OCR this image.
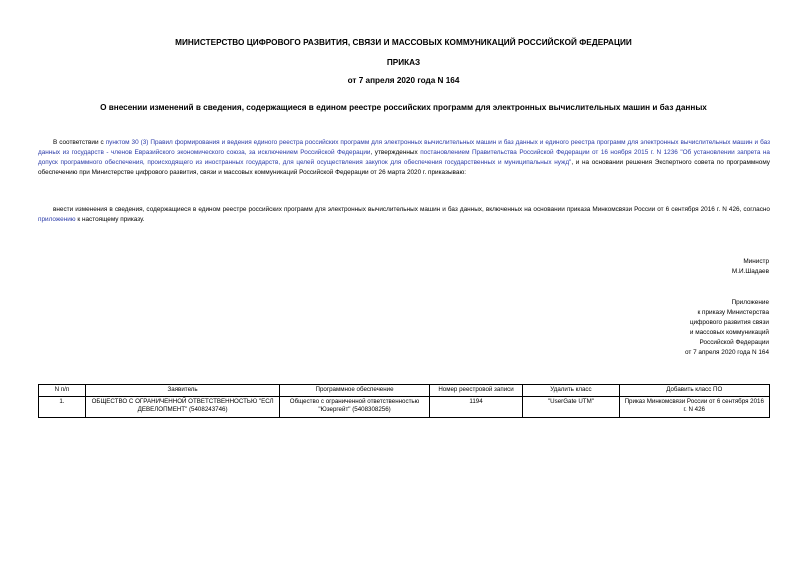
МИНИСТЕРСТВО ЦИФРОВОГО РАЗВИТИЯ, СВЯЗИ И МАССОВЫХ КОММУНИКАЦИЙ РОССИЙСКОЙ ФЕДЕРАЦИИ
ПРИКАЗ
от 7 апреля 2020 года N 164
О внесении изменений в сведения, содержащиеся в едином реестре российских программ для электронных вычислительных машин и баз данных
В соответствии с пунктом 30 (3) Правил формирования и ведения единого реестра российских программ для электронных вычислительных машин и баз данных и единого реестра программ для электронных вычислительных машин и баз данных из государств - членов Евразийского экономического союза, за исключением Российской Федерации, утвержденных постановлением Правительства Российской Федерации от 16 ноября 2015 г. N 1236 "Об установлении запрета на допуск программного обеспечения, происходящего из иностранных государств, для целей осуществления закупок для обеспечения государственных и муниципальных нужд", и на основании решения Экспертного совета по программному обеспечению при Министерстве цифрового развития, связи и массовых коммуникаций Российской Федерации от 26 марта 2020 г. приказываю:
внести изменения в сведения, содержащиеся в едином реестре российских программ для электронных вычислительных машин и баз данных, включенных на основании приказа Минкомсвязи России от 6 сентября 2016 г. N 426, согласно приложению к настоящему приказу.
Министр
М.И.Шадаев
Приложение
к приказу Министерства
цифрового развития связи
и массовых коммуникаций
Российской Федерации
от 7 апреля 2020 года N 164
N п/п	Заявитель	Программное обеспечение	Номер реестровой записи	Удалить класс	Добавить класс ПО
1.	ОБЩЕСТВО С ОГРАНИЧЕННОЙ ОТВЕТСТВЕННОСТЬЮ "ЕСЛ ДЕВЕЛОПМЕНТ" (5408243746)	Общество с ограниченной ответственностью "Юзергейт" (5408308256)	1194	"UserGate UTM"	Приказ Минкомсвязи России от 6 сентября 2016 г. N 426
